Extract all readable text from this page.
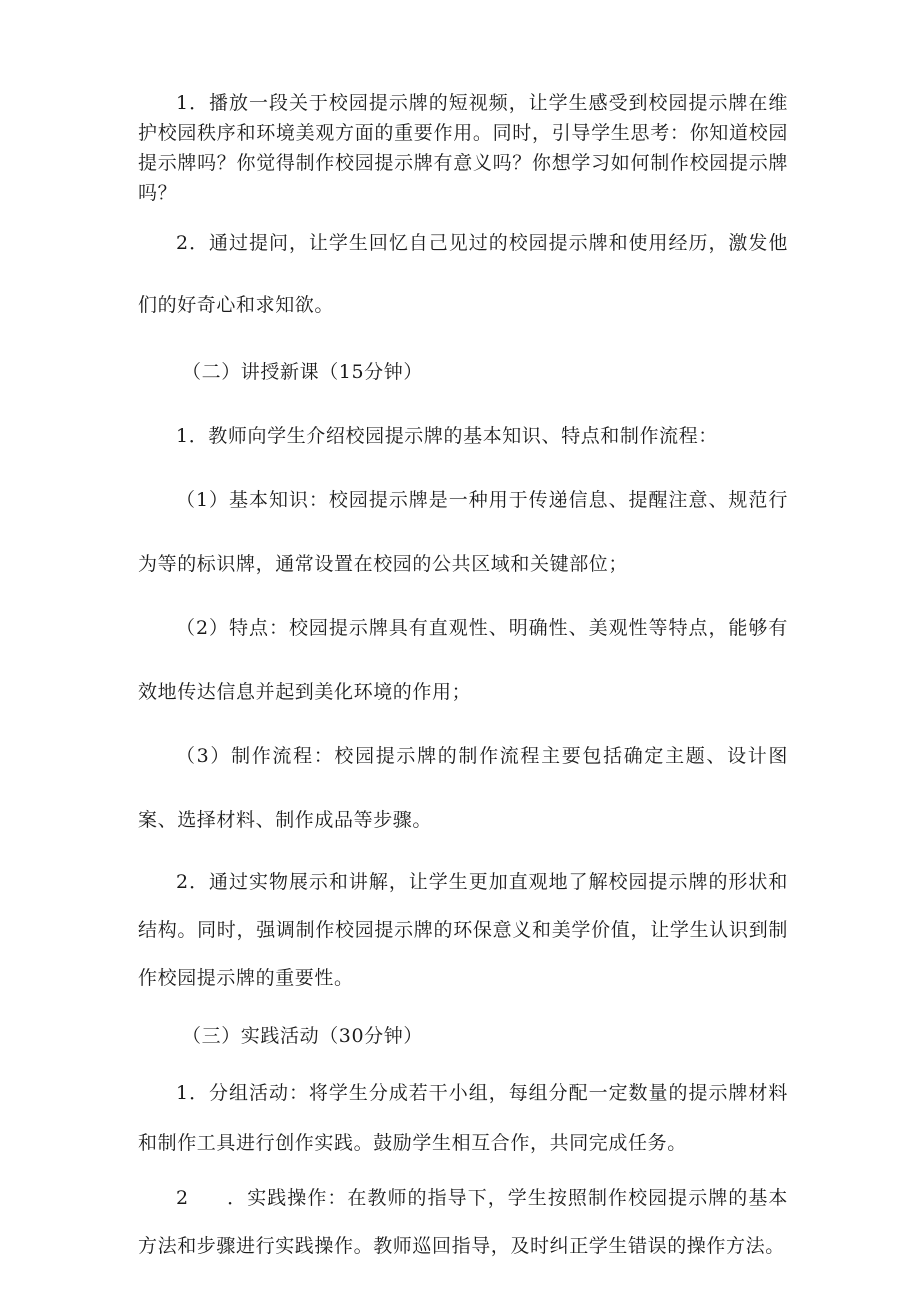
1．播放一段关于校园提示牌的短视频，让学生感受到校园提示牌在维护校园秩序和环境美观方面的重要作用。同时，引导学生思考：你知道校园提示牌吗？你觉得制作校园提示牌有意义吗？你想学习如何制作校园提示牌吗？

2．通过提问，让学生回忆自己见过的校园提示牌和使用经历，激发他们的好奇心和求知欲。

（二）讲授新课（15分钟）

1．教师向学生介绍校园提示牌的基本知识、特点和制作流程：

（1）基本知识：校园提示牌是一种用于传递信息、提醒注意、规范行为等的标识牌，通常设置在校园的公共区域和关键部位；

（2）特点：校园提示牌具有直观性、明确性、美观性等特点，能够有效地传达信息并起到美化环境的作用；

（3）制作流程：校园提示牌的制作流程主要包括确定主题、设计图案、选择材料、制作成品等步骤。

2．通过实物展示和讲解，让学生更加直观地了解校园提示牌的形状和结构。同时，强调制作校园提示牌的环保意义和美学价值，让学生认识到制作校园提示牌的重要性。

（三）实践活动（30分钟）

1．分组活动：将学生分成若干小组，每组分配一定数量的提示牌材料和制作工具进行创作实践。鼓励学生相互合作，共同完成任务。

2 ．实践操作：在教师的指导下，学生按照制作校园提示牌的基本方法和步骤进行实践操作。教师巡回指导，及时纠正学生错误的操作方法。
